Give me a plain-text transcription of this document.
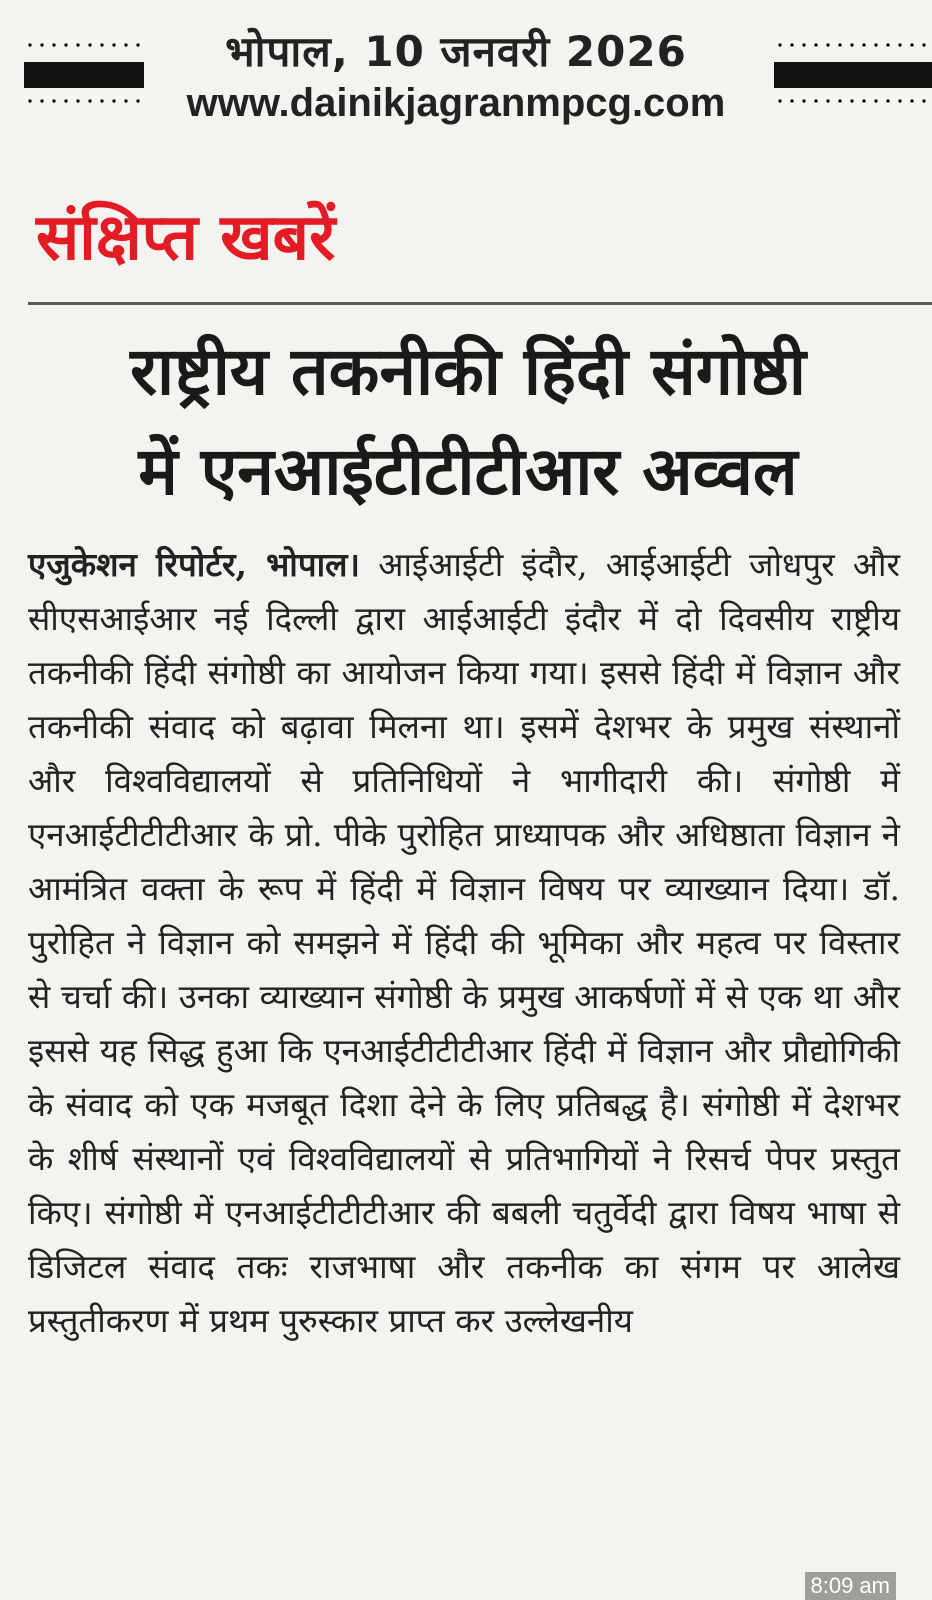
भोपाल, 10 जनवरी 2026
www.dainikjagranmpcg.com
संक्षिप्त खबरें
राष्ट्रीय तकनीकी हिंदी संगोष्ठी
में एनआईटीटीटीआर अव्वल
एजुकेशन रिपोर्टर, भोपाल। आईआईटी इंदौर, आईआईटी जोधपुर और सीएसआईआर नई दिल्ली द्वारा आईआईटी इंदौर में दो दिवसीय राष्ट्रीय तकनीकी हिंदी संगोष्ठी का आयोजन किया गया। इससे हिंदी में विज्ञान और तकनीकी संवाद को बढ़ावा मिलना था। इसमें देशभर के प्रमुख संस्थानों और विश्वविद्यालयों से प्रतिनिधियों ने भागीदारी की। संगोष्ठी में एनआईटीटीटीआर के प्रो. पीके पुरोहित प्राध्यापक और अधिष्ठाता विज्ञान ने आमंत्रित वक्ता के रूप में हिंदी में विज्ञान विषय पर व्याख्यान दिया। डॉ. पुरोहित ने विज्ञान को समझने में हिंदी की भूमिका और महत्व पर विस्तार से चर्चा की। उनका व्याख्यान संगोष्ठी के प्रमुख आकर्षणों में से एक था और इससे यह सिद्ध हुआ कि एनआईटीटीटीआर हिंदी में विज्ञान और प्रौद्योगिकी के संवाद को एक मजबूत दिशा देने के लिए प्रतिबद्ध है। संगोष्ठी में देशभर के शीर्ष संस्थानों एवं विश्वविद्यालयों से प्रतिभागियों ने रिसर्च पेपर प्रस्तुत किए। संगोष्ठी में एनआईटीटीटीआर की बबली चतुर्वेदी द्वारा विषय भाषा से डिजिटल संवाद तकः राजभाषा और तकनीक का संगम पर आलेख प्रस्तुतीकरण में प्रथम पुरुस्कार प्राप्त कर उल्लेखनीय
8:09 am
